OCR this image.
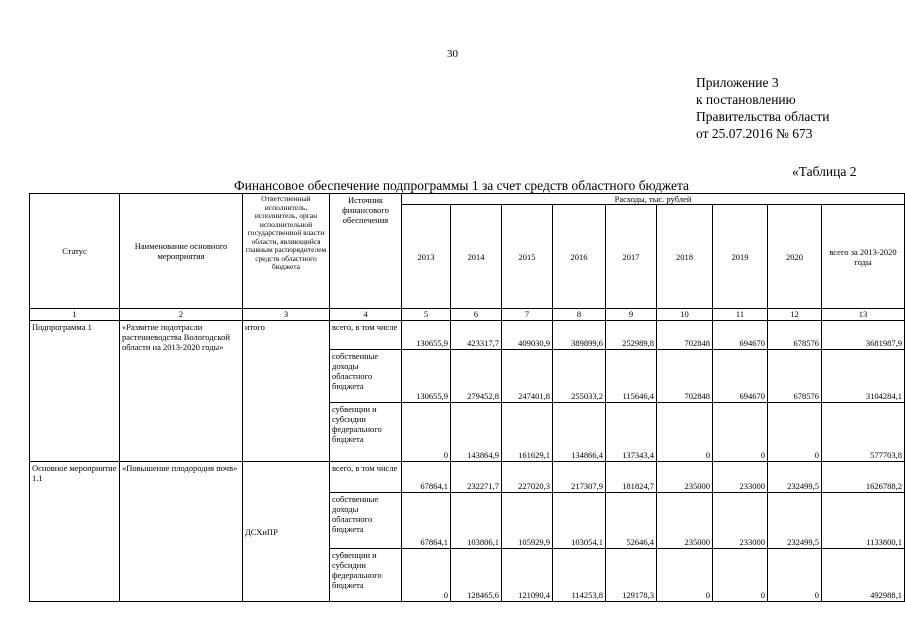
30
Приложение 3
к постановлению
Правительства области
от 25.07.2016 № 673
«Таблица 2
Финансовое обеспечение подпрограммы 1 за счет средств областного бюджета
Статус	Наименование основного мероприятия	Ответственный исполнитель, исполнитель, орган исполнительной государственной власти области, являющийся главным распорядителем средств областного бюджета	Источник финансового обеспечения	Расходы, тыс. рублей								
				2013	2014	2015	2016	2017	2018	2019	2020	всего за 2013-2020 годы
1	2	3	4	5	6	7	8	9	10	11	12	13
Подпрограмма 1	«Развитие подотрасли растениеводства Вологодской области на 2013-2020 годы»	итого	всего, в том числе	130655,9	423317,7	409030,9	389899,6	252989,8	702848	694670	678576	3681987,9
			собственные доходы областного бюджета	130655,9	279452,8	247401,8	255033,2	115646,4	702848	694670	678576	3104284,1
			субвенции и субсидии федерального бюджета	0	143864,9	161629,1	134866,4	137343,4	0	0	0	577703,8
Основное мероприятие 1.1	«Повышение плодородия почв»	ДСХиПР	всего, в том числе	67864,1	232271,7	227020,3	217307,9	181824,7	235000	233000	232499,5	1626788,2
			собственные доходы областного бюджета	67864,1	103806,1	105929,9	103054,1	52646,4	235000	233000	232499,5	1133800,1
			субвенции и субсидии федерального бюджета	0	128465,6	121090,4	114253,8	129178,3	0	0	0	492988,1
